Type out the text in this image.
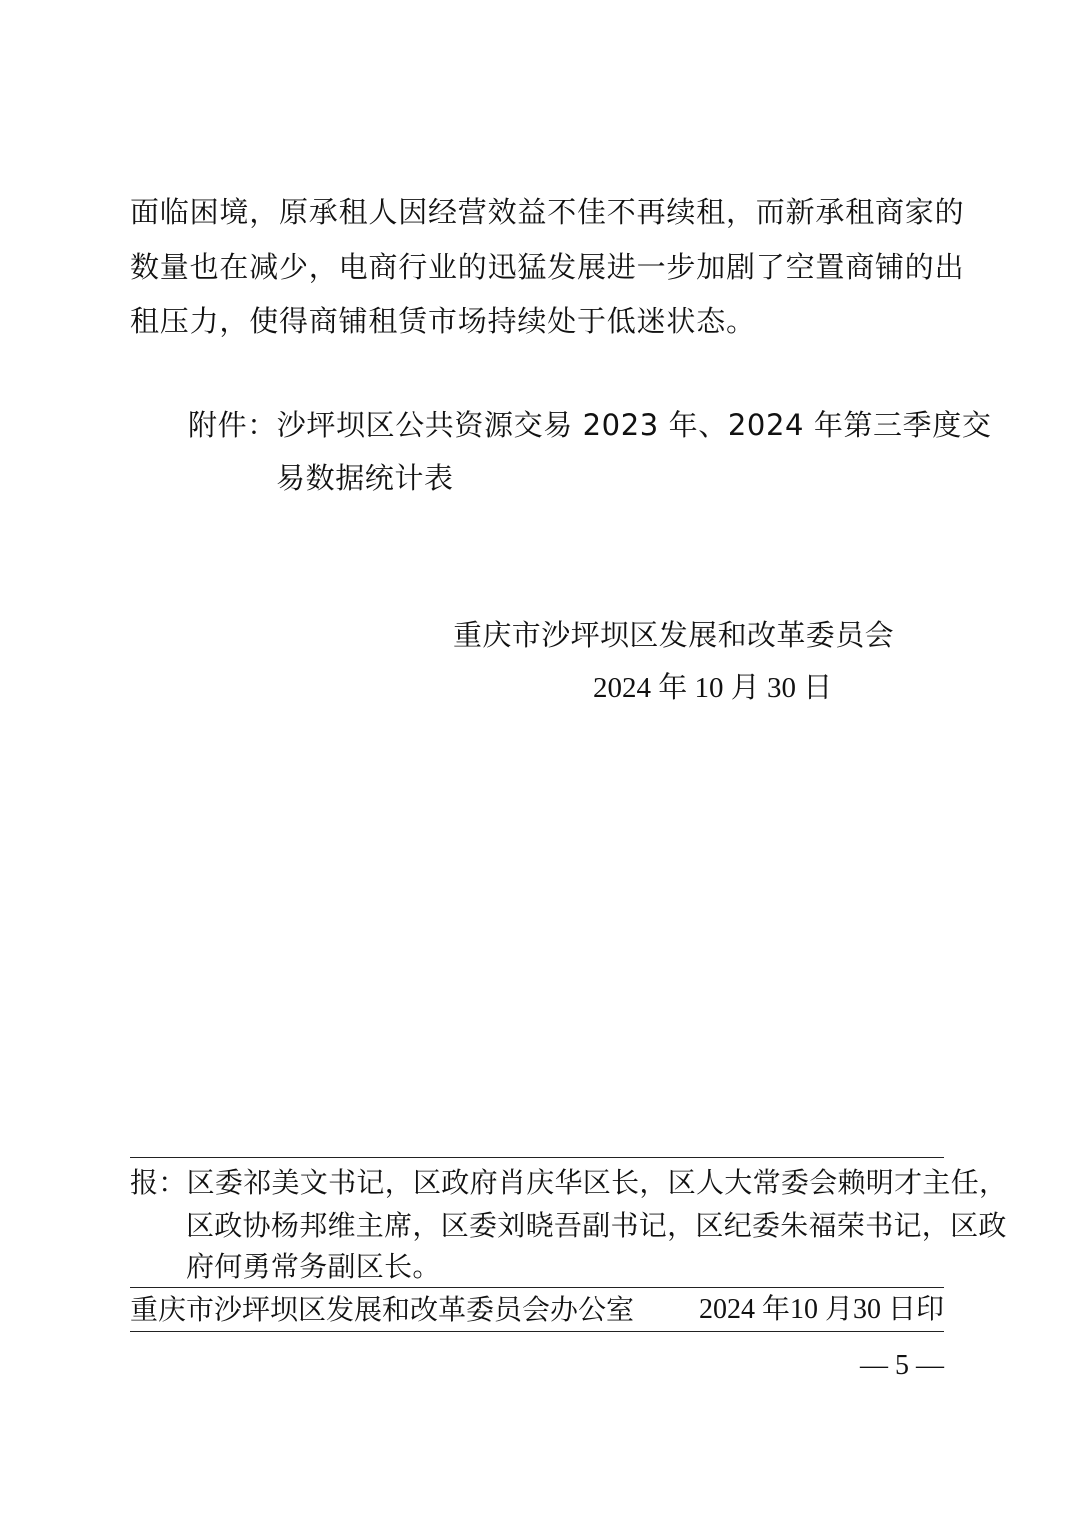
面临困境，原承租人因经营效益不佳不再续租，而新承租商家的
数量也在减少，电商行业的迅猛发展进一步加剧了空置商铺的出
租压力，使得商铺租赁市场持续处于低迷状态。
附件：沙坪坝区公共资源交易 2023 年、2024 年第三季度交
易数据统计表
重庆市沙坪坝区发展和改革委员会
2024 年 10 月 30 日
报：区委祁美文书记，区政府肖庆华区长，区人大常委会赖明才主任，
区政协杨邦维主席，区委刘晓吾副书记，区纪委朱福荣书记，区政
府何勇常务副区长。
重庆市沙坪坝区发展和改革委员会办公室 2024 年10 月30 日印
— 5 —
